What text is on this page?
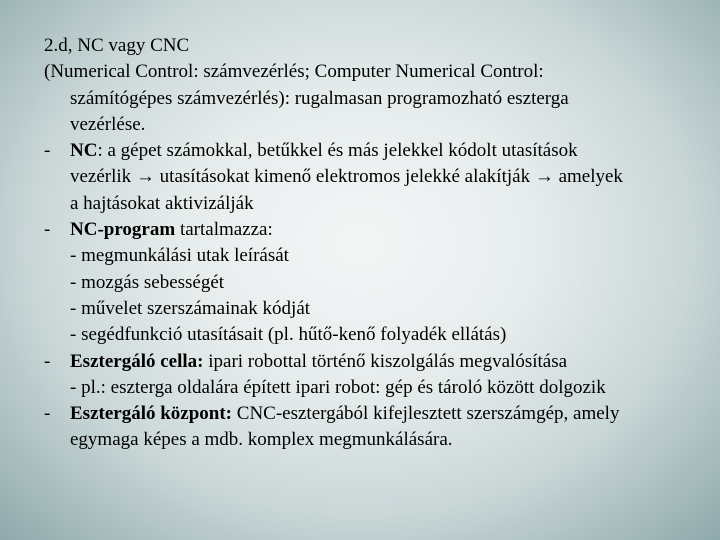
2.d, NC vagy CNC
(Numerical Control: számvezérlés; Computer Numerical Control:
számítógépes számvezérlés): rugalmasan programozható eszterga
vezérlése.
-	NC: a gépet számokkal, betűkkel és más jelekkel kódolt utasítások
vezérlik → utasításokat kimenő elektromos jelekké alakítják → amelyek
a hajtásokat aktivizálják
-	NC-program tartalmazza:
- megmunkálási utak leírását
- mozgás sebességét
- művelet szerszámainak kódját
- segédfunkció utasításait (pl. hűtő-kenő folyadék ellátás)
-	Esztergáló cella: ipari robottal történő kiszolgálás megvalósítása
- pl.: eszterga oldalára épített ipari robot: gép és tároló között dolgozik
-	Esztergáló központ: CNC-esztergából kifejlesztett szerszámgép, amely
egymaga képes a mdb. komplex megmunkálására.
